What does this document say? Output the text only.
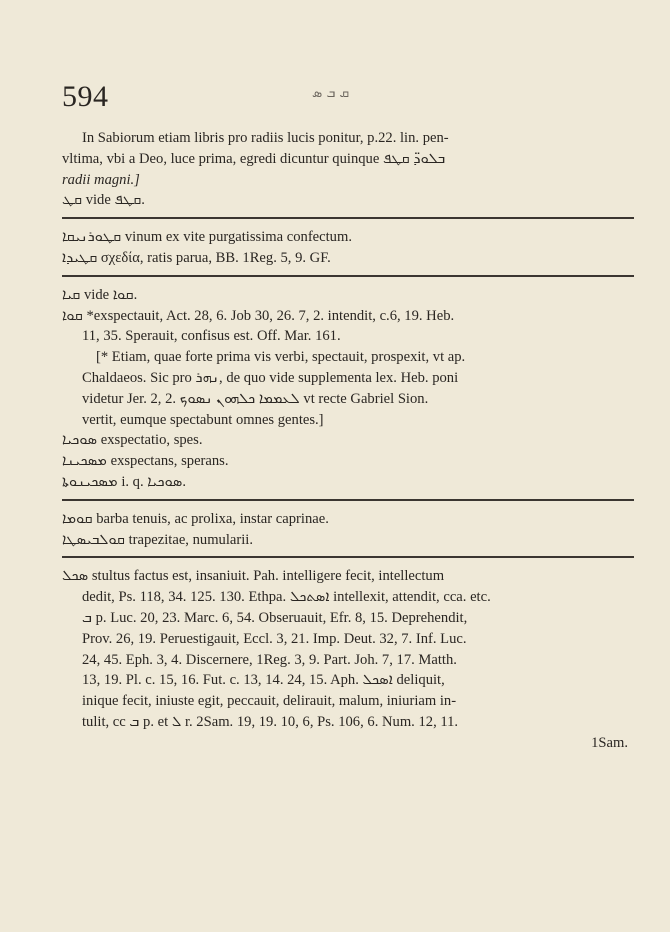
594	ܩ ܒ ܣ
In Sabiorum etiam libris pro radiis lucis ponitur, p.22. lin. pen-
vltima, vbi a Deo, luce prima, egredi dicuntur quinque ܒܠܘܕ̈ ܩܛܦ
radii magni.]
ܩܛ vide ܩܛܦ.
ܩܛܘܪܢܝܩܐ vinum ex vite purgatissima confectum.
ܩܛܝܕܐ σχεδία, ratis parua, BB. 1Reg. 5, 9. GF.
ܩܝܐ vide ܩܘܐ.
ܩܘܐ *exspectauit, Act. 28, 6. Job 30, 26. 7, 2. intendit, c.6, 19. Heb.
11, 35. Sperauit, confisus est. Off. Mar. 161.
[* Etiam, quae forte prima vis verbi, spectauit, prospexit, vt ap.
Chaldaeos. Sic pro ܢܗܪ, de quo vide supplementa lex. Heb. poni
videtur Jer. 2, 2. ܠܥܡܡܐ ܟܠܗܘܢ ܢܣܘܟ vt recte Gabriel Sion.
vertit, eumque spectabunt omnes gentes.]
ܣܘܟܝܐ exspectatio, spes.
ܡܣܟܝܢܐ exspectans, sperans.
ܡܣܟܝܢܘܬܐ i. q. ܣܘܟܝܐ.
ܩܘܡܐ barba tenuis, ac prolixa, instar caprinae.
ܩܘܠܒܝܣܛܐ trapezitae, numularii.
ܣܟܠ stultus factus est, insaniuit. Pah. intelligere fecit, intellectum
dedit, Ps. 118, 34. 125. 130. Ethpa. ܐܣܬܟܠ intellexit, attendit, cca. etc.
ܒ p. Luc. 20, 23. Marc. 6, 54. Obseruauit, Efr. 8, 15. Deprehendit,
Prov. 26, 19. Peruestigauit, Eccl. 3, 21. Imp. Deut. 32, 7. Inf. Luc.
24, 45. Eph. 3, 4. Discernere, 1Reg. 3, 9. Part. Joh. 7, 17. Matth.
13, 19. Pl. c. 15, 16. Fut. c. 13, 14. 24, 15. Aph. ܐܣܟܠ deliquit,
inique fecit, iniuste egit, peccauit, delirauit, malum, iniuriam in-
tulit, cc ܒ p. et ܠ r. 2Sam. 19, 19. 10, 6, Ps. 106, 6. Num. 12, 11.
1Sam.
